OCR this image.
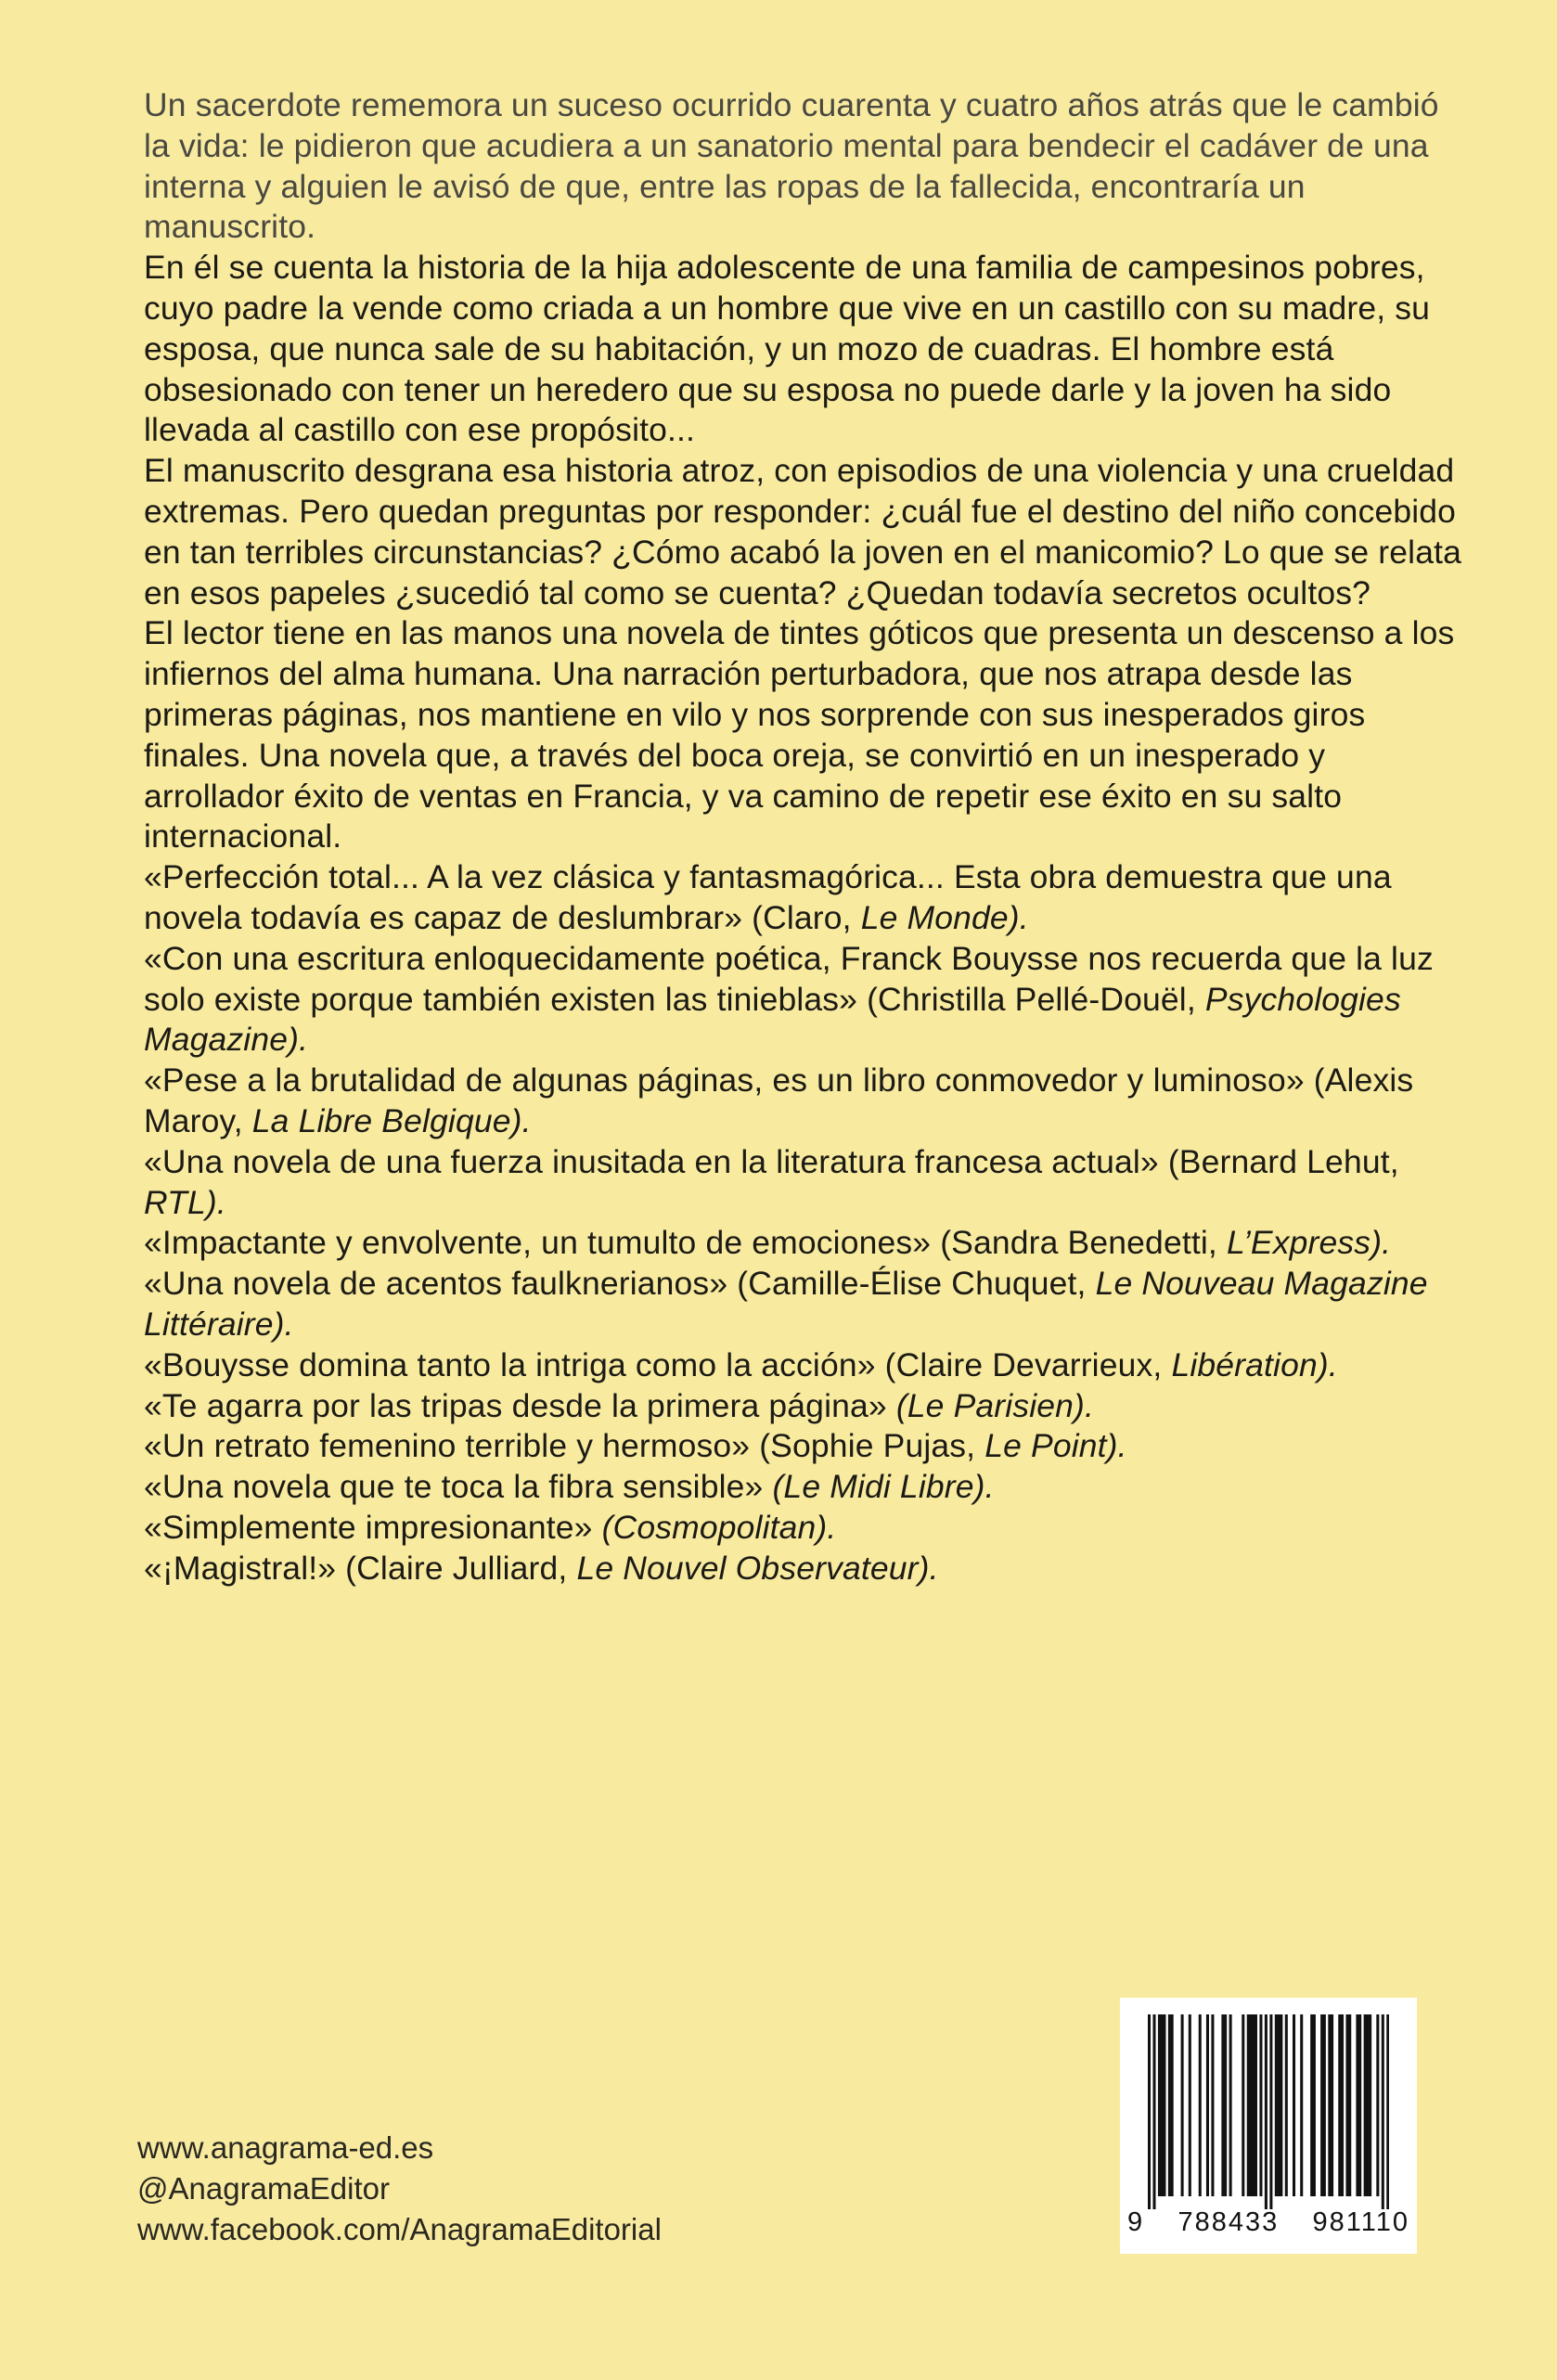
Un sacerdote rememora un suceso ocurrido cuarenta y cuatro años atrás que le cambió la vida: le pidieron que acudiera a un sanatorio mental para bendecir el cadáver de una interna y alguien le avisó de que, entre las ropas de la fallecida, encontraría un manuscrito.

En él se cuenta la historia de la hija adolescente de una familia de campesinos pobres, cuyo padre la vende como criada a un hombre que vive en un castillo con su madre, su esposa, que nunca sale de su habitación, y un mozo de cuadras. El hombre está obsesionado con tener un heredero que su esposa no puede darle y la joven ha sido llevada al castillo con ese propósito...

El manuscrito desgrana esa historia atroz, con episodios de una violencia y una crueldad extremas. Pero quedan preguntas por responder: ¿cuál fue el destino del niño concebido en tan terribles circunstancias? ¿Cómo acabó la joven en el manicomio? Lo que se relata en esos papeles ¿sucedió tal como se cuenta? ¿Quedan todavía secretos ocultos?

El lector tiene en las manos una novela de tintes góticos que presenta un descenso a los infiernos del alma humana. Una narración perturbadora, que nos atrapa desde las primeras páginas, nos mantiene en vilo y nos sorprende con sus inesperados giros finales. Una novela que, a través del boca oreja, se convirtió en un inesperado y arrollador éxito de ventas en Francia, y va camino de repetir ese éxito en su salto internacional.

«Perfección total... A la vez clásica y fantasmagórica... Esta obra demuestra que una novela todavía es capaz de deslumbrar» (Claro, Le Monde).

«Con una escritura enloquecidamente poética, Franck Bouysse nos recuerda que la luz solo existe porque también existen las tinieblas» (Christilla Pellé-Douël, Psychologies Magazine).

«Pese a la brutalidad de algunas páginas, es un libro conmovedor y luminoso» (Alexis Maroy, La Libre Belgique).

«Una novela de una fuerza inusitada en la literatura francesa actual» (Bernard Lehut, RTL).

«Impactante y envolvente, un tumulto de emociones» (Sandra Benedetti, L’Express).

«Una novela de acentos faulknerianos» (Camille-Élise Chuquet, Le Nouveau Magazine Littéraire).

«Bouysse domina tanto la intriga como la acción» (Claire Devarrieux, Libération).

«Te agarra por las tripas desde la primera página» (Le Parisien).

«Un retrato femenino terrible y hermoso» (Sophie Pujas, Le Point).

«Una novela que te toca la fibra sensible» (Le Midi Libre).

«Simplemente impresionante» (Cosmopolitan).

«¡Magistral!» (Claire Julliard, Le Nouvel Observateur).

www.anagrama-ed.es
@AnagramaEditor
www.facebook.com/AnagramaEditorial	9 788433 981110
